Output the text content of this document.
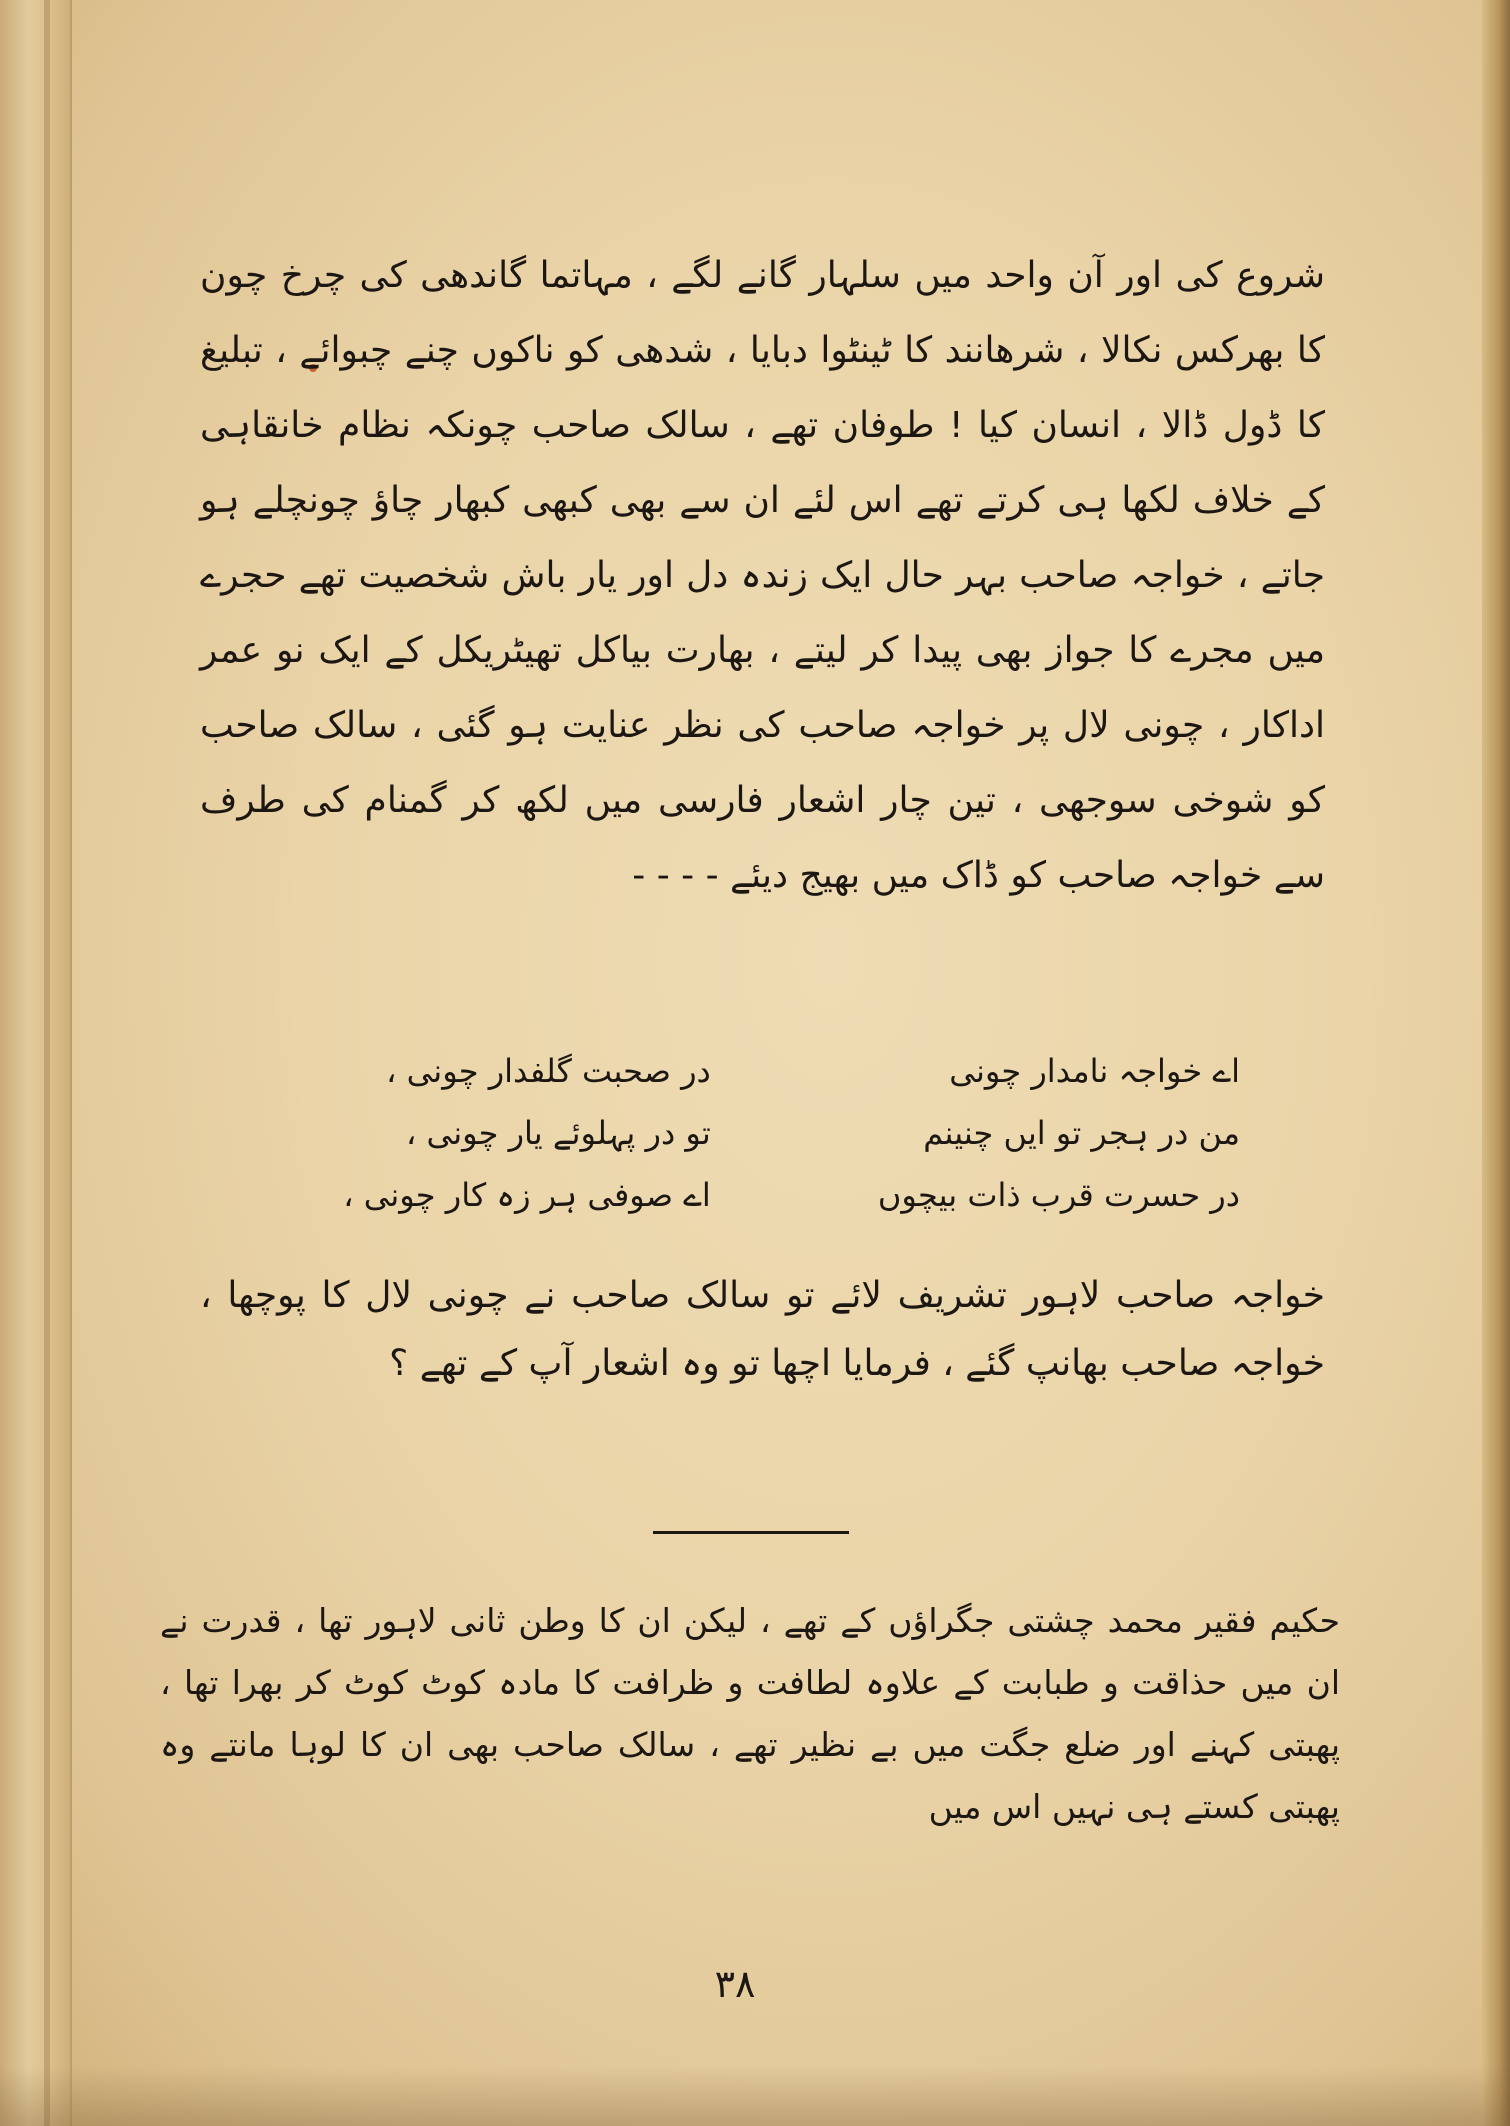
شروع کی اور آن واحد میں سلہار گانے لگے ، مہاتما گاندھی کی چرخ چون کا بھرکس نکالا ، شرھانند کا ٹینٹوا دبایا ، شدھی کو ناکوں چنے چبوائے ، تبلیغ کا ڈول ڈالا ، انسان کیا ! طوفان تھے ، سالک صاحب چونکہ نظام خانقاہی کے خلاف لکھا ہی کرتے تھے اس لئے ان سے بھی کبھی کبھار چاؤ چونچلے ہو جاتے ، خواجہ صاحب بہر حال ایک زندہ دل اور یار باش شخصیت تھے حجرے میں مجرے کا جواز بھی پیدا کر لیتے ، بھارت بیاکل تھیٹریکل کے ایک نو عمر اداکار ، چونی لال پر خواجہ صاحب کی نظر عنایت ہو گئی ، سالک صاحب کو شوخی سوجھی ، تین چار اشعار فارسی میں لکھ کر گمنام کی طرف سے خواجہ صاحب کو ڈاک میں بھیج دیئے - - - -
اے خواجہ نامدار چونی
در صحبت گلفدار چونی ،
من در ہجر تو ایں چنینم
تو در پہلوئے یار چونی ،
در حسرت قرب ذات بیچوں
اے صوفی ہر زہ کار چونی ،
خواجہ صاحب لاہور تشریف لائے تو سالک صاحب نے چونی لال کا پوچھا ، خواجہ صاحب بھانپ گئے ، فرمایا اچھا تو وہ اشعار آپ کے تھے ؟
حکیم فقیر محمد چشتی جگراؤں کے تھے ، لیکن ان کا وطن ثانی لاہور تھا ، قدرت نے ان میں حذاقت و طبابت کے علاوہ لطافت و ظرافت کا مادہ کوٹ کوٹ کر بھرا تھا ، پھبتی کہنے اور ضلع جگت میں بے نظیر تھے ، سالک صاحب بھی ان کا لوہا مانتے وہ پھبتی کستے ہی نہیں اس میں
۳۸
